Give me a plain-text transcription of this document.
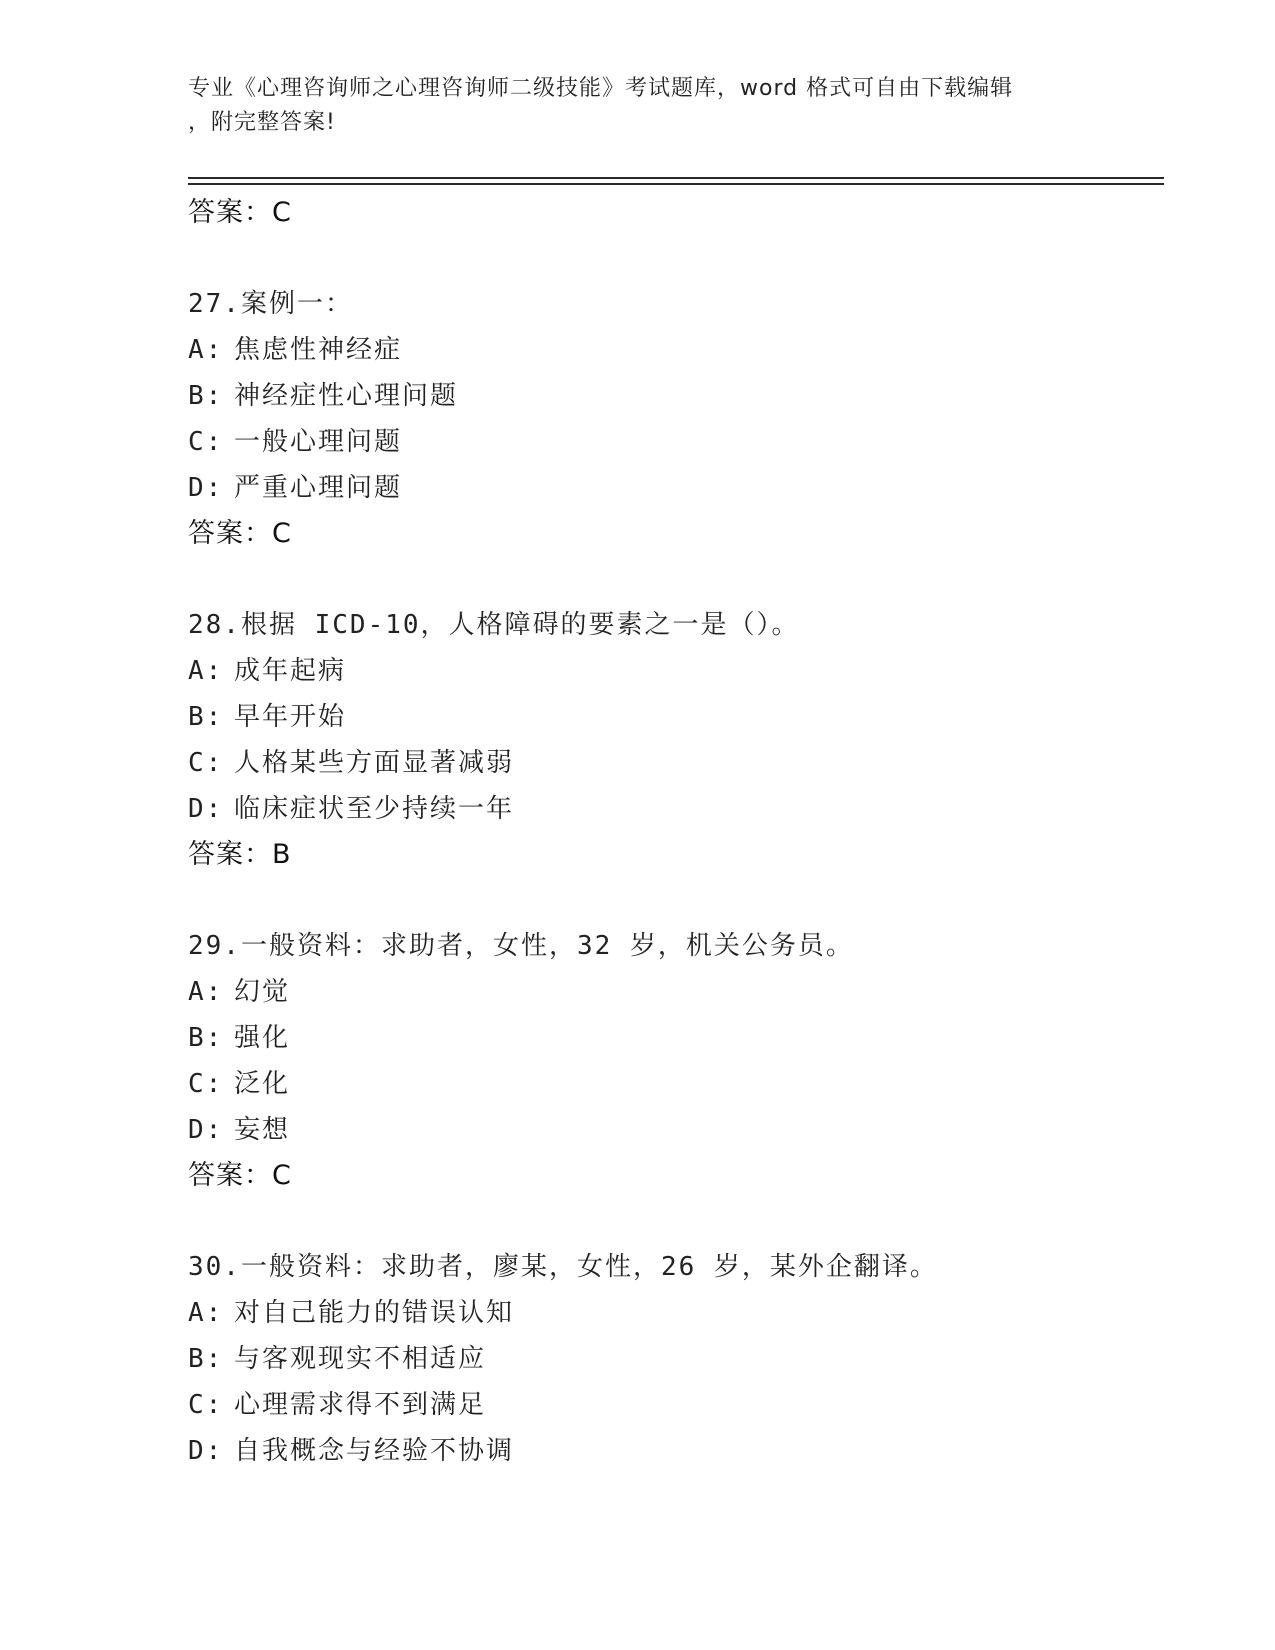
专业《心理咨询师之心理咨询师二级技能》考试题库，word 格式可自由下载编辑
，附完整答案!
答案：C
27.案例一：
A: 焦虑性神经症
B: 神经症性心理问题
C: 一般心理问题
D: 严重心理问题
答案：C
28.根据 ICD-10，人格障碍的要素之一是（）。
A: 成年起病
B: 早年开始
C: 人格某些方面显著减弱
D: 临床症状至少持续一年
答案：B
29.一般资料：求助者，女性，32 岁，机关公务员。
A: 幻觉
B: 强化
C: 泛化
D: 妄想
答案：C
30.一般资料：求助者，廖某，女性，26 岁，某外企翻译。
A: 对自己能力的错误认知
B: 与客观现实不相适应
C: 心理需求得不到满足
D: 自我概念与经验不协调
